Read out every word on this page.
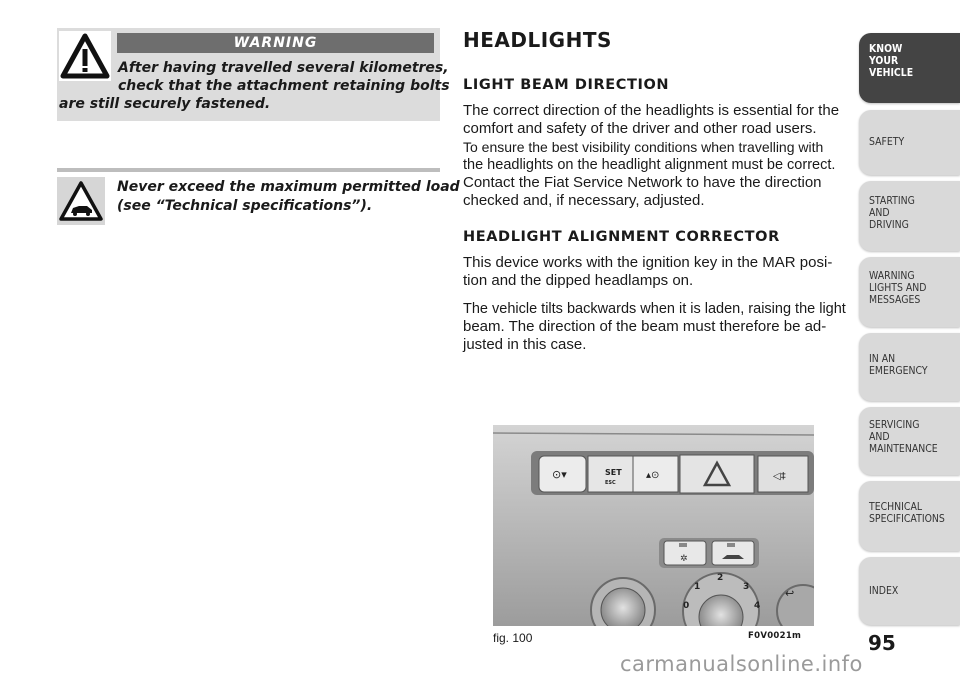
WARNING
After having travelled several kilometres,
check that the attachment retaining bolts
are still securely fastened.
Never exceed the maximum permitted load
(see “Technical specifications”).
HEADLIGHTS
LIGHT BEAM DIRECTION
The correct direction of the headlights is essential for the
comfort and safety of the driver and other road users.
To ensure the best visibility conditions when travelling with
the headlights on the headlight alignment must be correct.
Contact the Fiat Service Network to have the direction
checked and, if necessary, adjusted.
HEADLIGHT ALIGNMENT CORRECTOR
This device works with the ignition key in the MAR posi-
tion and the dipped headlamps on.
The vehicle tilts backwards when it is laden, raising the light
beam. The direction of the beam must therefore be ad-
justed in this case.
SET
ESC
⊙▾	▴⊙	◁‡
✲
0
1
2
3
4
↩
fig. 100	F0V0021m
KNOW
YOUR
VEHICLE
SAFETY
STARTING
AND
DRIVING
WARNING
LIGHTS AND
MESSAGES
IN AN
EMERGENCY
SERVICING
AND
MAINTENANCE
TECHNICAL
SPECIFICATIONS
INDEX
95
carmanualsonline.info
